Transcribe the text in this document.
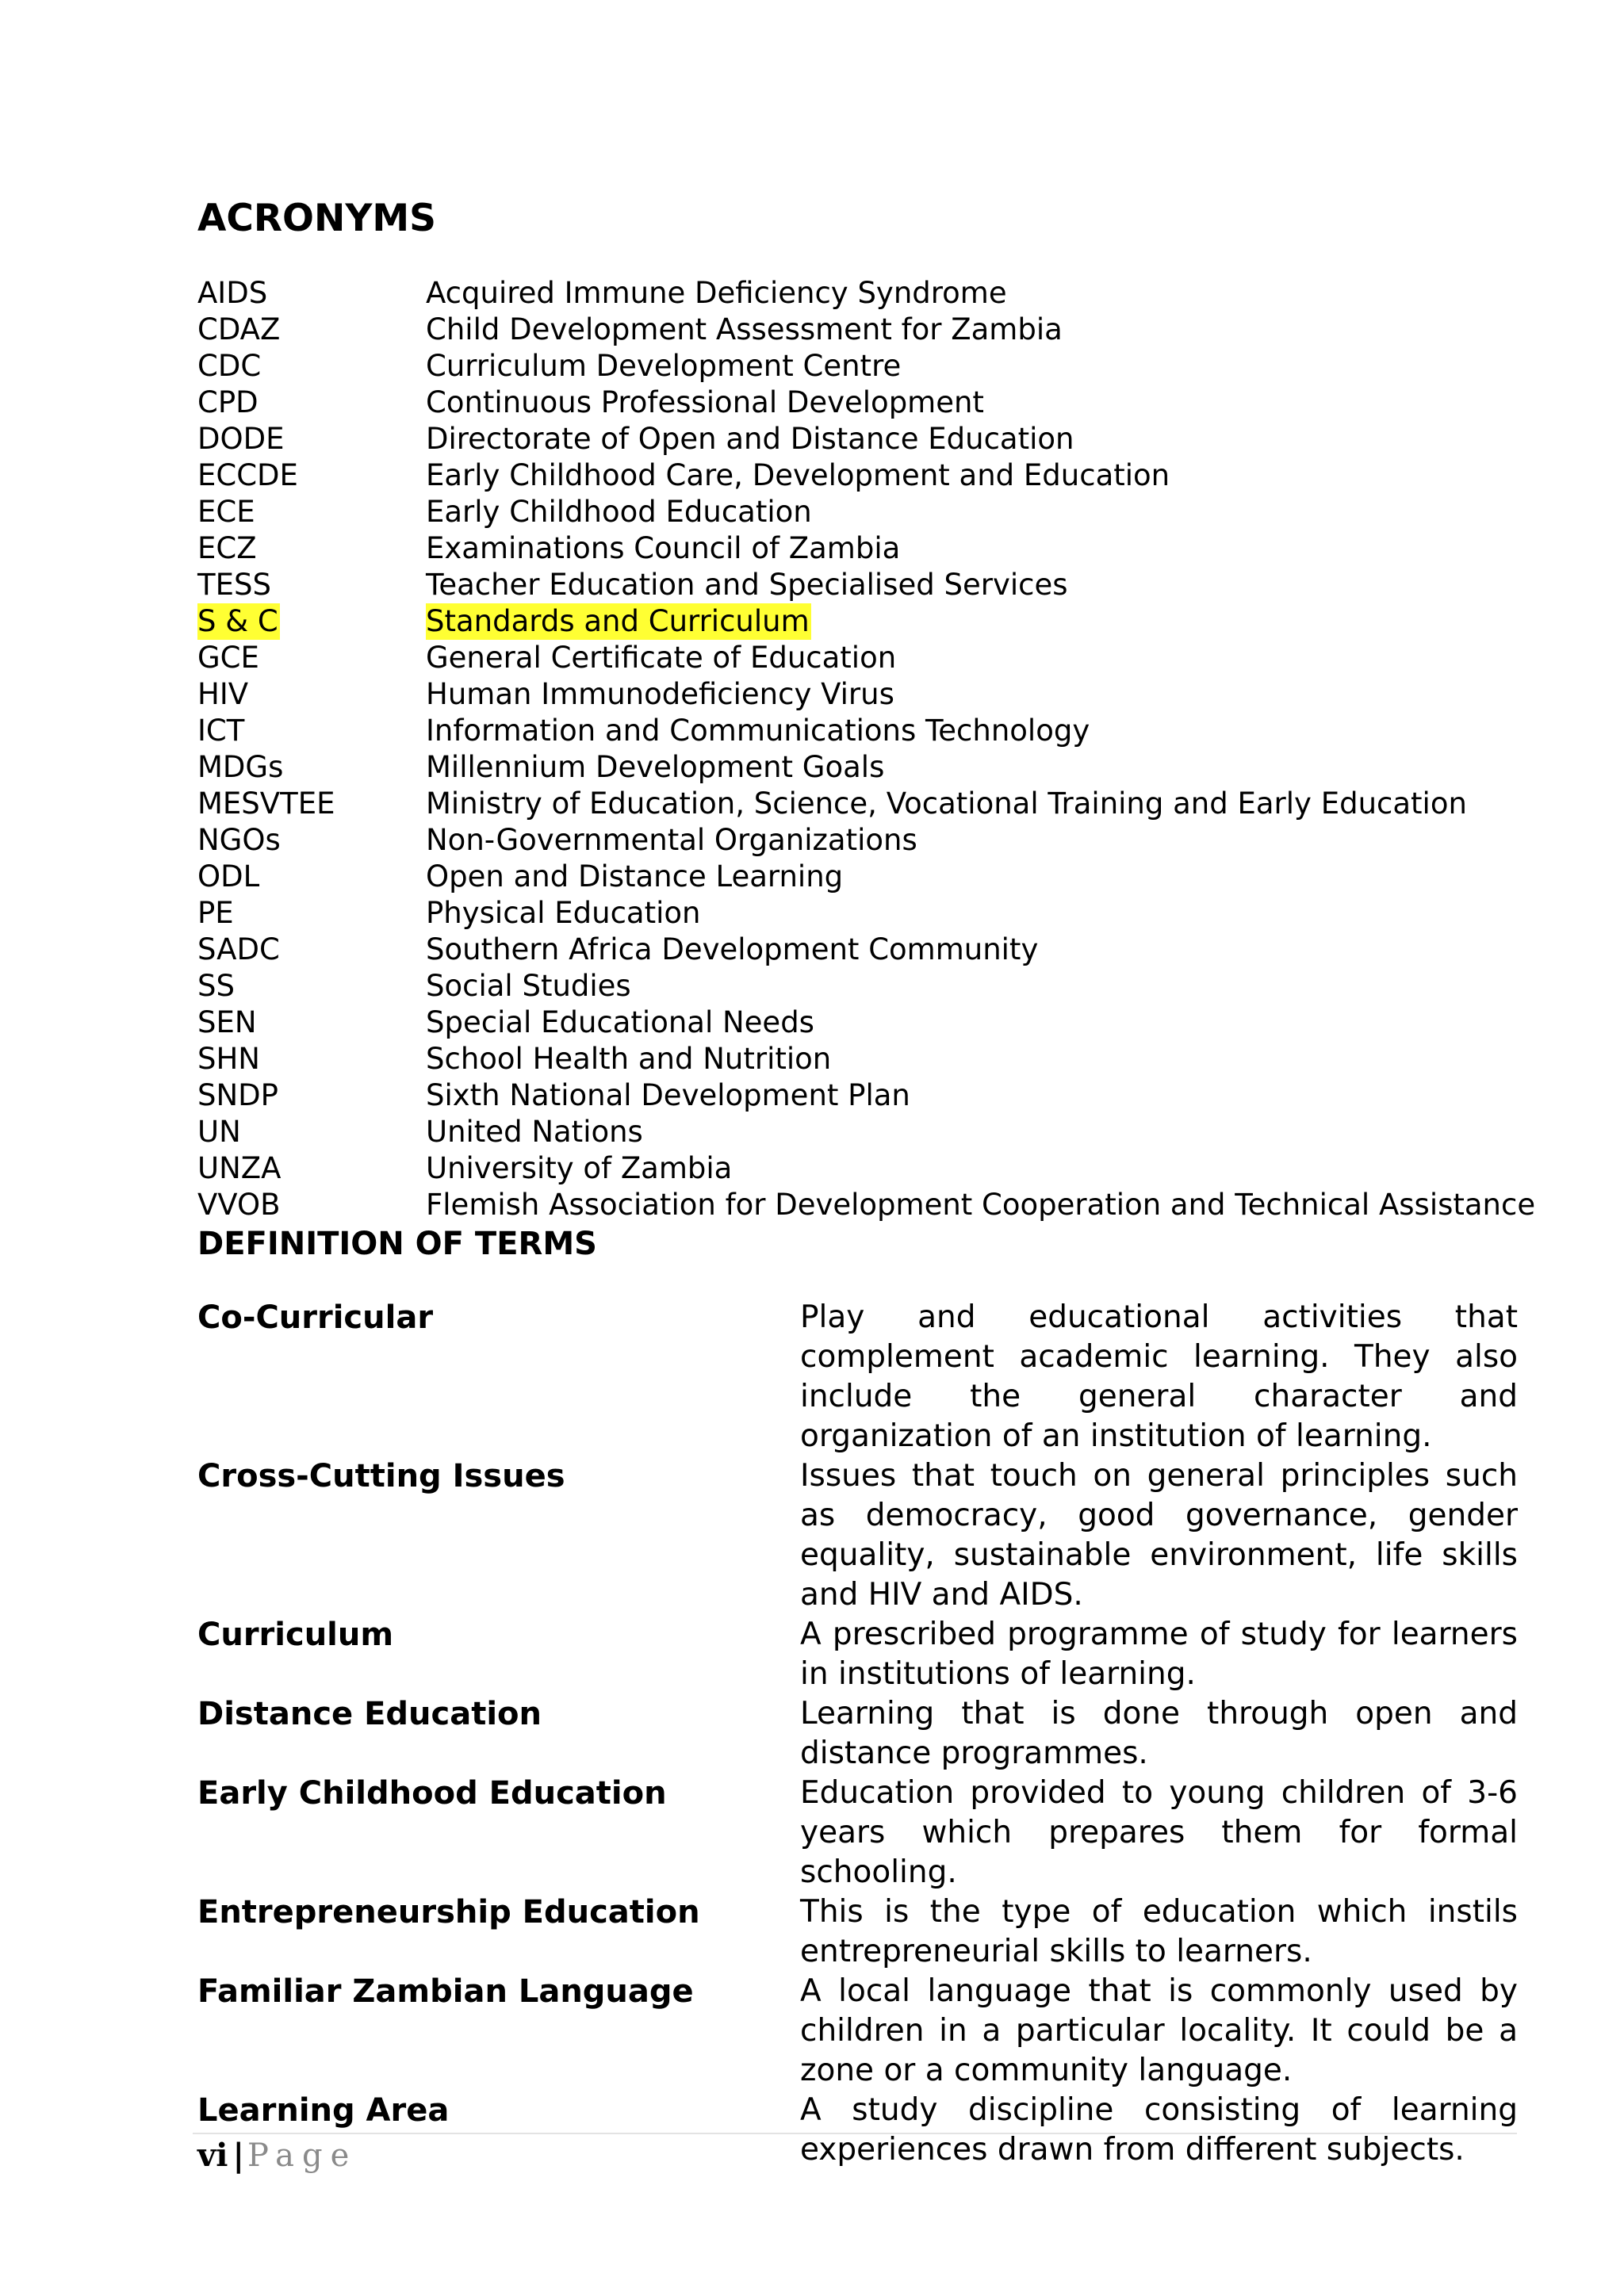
ACRONYMS
AIDS	Acquired Immune Deficiency Syndrome
CDAZ	Child Development Assessment for Zambia
CDC	Curriculum Development Centre
CPD	Continuous Professional Development
DODE	Directorate of Open and Distance Education
ECCDE	Early Childhood Care, Development and Education
ECE	Early Childhood Education
ECZ	Examinations Council of Zambia
TESS	Teacher Education and Specialised Services
S & C	Standards and Curriculum
GCE	General Certificate of Education
HIV	Human Immunodeficiency Virus
ICT	Information and Communications Technology
MDGs	Millennium Development Goals
MESVTEE	Ministry of Education, Science, Vocational Training and Early Education
NGOs	Non-Governmental Organizations
ODL	Open and Distance Learning
PE	Physical Education
SADC	Southern Africa Development Community
SS	Social Studies
SEN	Special Educational Needs
SHN	School Health and Nutrition
SNDP	Sixth National Development Plan
UN	United Nations
UNZA	University of Zambia
VVOB	Flemish Association for Development Cooperation and Technical Assistance
DEFINITION OF TERMS
Co-Curricular	Play and educational activities that complement academic learning. They also include the general character and organization of an institution of learning.
Cross-Cutting Issues	Issues that touch on general principles such as democracy, good governance, gender equality, sustainable environment, life skills and HIV and AIDS.
Curriculum	A prescribed programme of study for learners in institutions of learning.
Distance Education	Learning that is done through open and distance programmes.
Early Childhood Education	Education provided to young children of 3-6 years which prepares them for formal schooling.
Entrepreneurship Education	This is the type of education which instils entrepreneurial skills to learners.
Familiar Zambian Language	A local language that is commonly used by children in a particular locality. It could be a zone or a community language.
Learning Area	A study discipline consisting of learning experiences drawn from different subjects.
vi | Page
